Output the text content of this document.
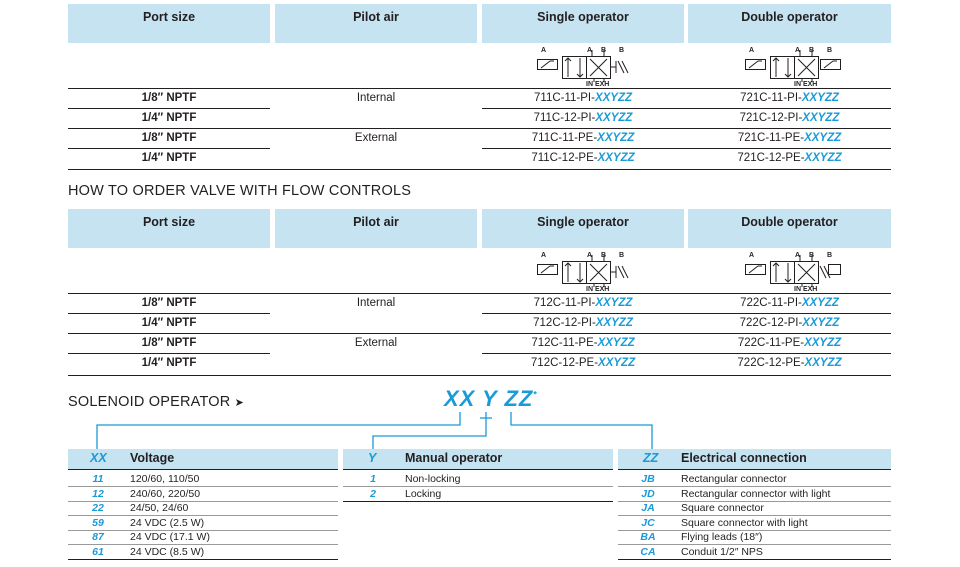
Port size	Pilot air	Single operator	Double operator
A	A B B
IN EXH
A	A B B
IN EXH
1/8″ NPTF	Internal	711C-11-PI-XXYZZ	721C-11-PI-XXYZZ
1/4″ NPTF	711C-12-PI-XXYZZ	721C-12-PI-XXYZZ
1/8″ NPTF	External	711C-11-PE-XXYZZ	721C-11-PE-XXYZZ
1/4″ NPTF	711C-12-PE-XXYZZ	721C-12-PE-XXYZZ
HOW TO ORDER VALVE WITH FLOW CONTROLS
Port size	Pilot air	Single operator	Double operator
A	A B B
IN EXH
A	A B B
IN EXH
1/8″ NPTF	Internal	712C-11-PI-XXYZZ	722C-11-PI-XXYZZ
1/4″ NPTF	712C-12-PI-XXYZZ	722C-12-PI-XXYZZ
1/8″ NPTF	External	712C-11-PE-XXYZZ	722C-11-PE-XXYZZ
1/4″ NPTF	712C-12-PE-XXYZZ	722C-12-PE-XXYZZ
SOLENOID OPERATOR ➤	XX Y ZZ*
XX Voltage
11	120/60, 110/50
12	240/60, 220/50
22	24/50, 24/60
59	24 VDC (2.5 W)
87	24 VDC (17.1 W)
61	24 VDC (8.5 W)
Y Manual operator
1	Non-locking
2	Locking
ZZ Electrical connection
JB	Rectangular connector
JD	Rectangular connector with light
JA	Square connector
JC	Square connector with light
BA Flying leads (18″)
CA Conduit 1/2″ NPS
